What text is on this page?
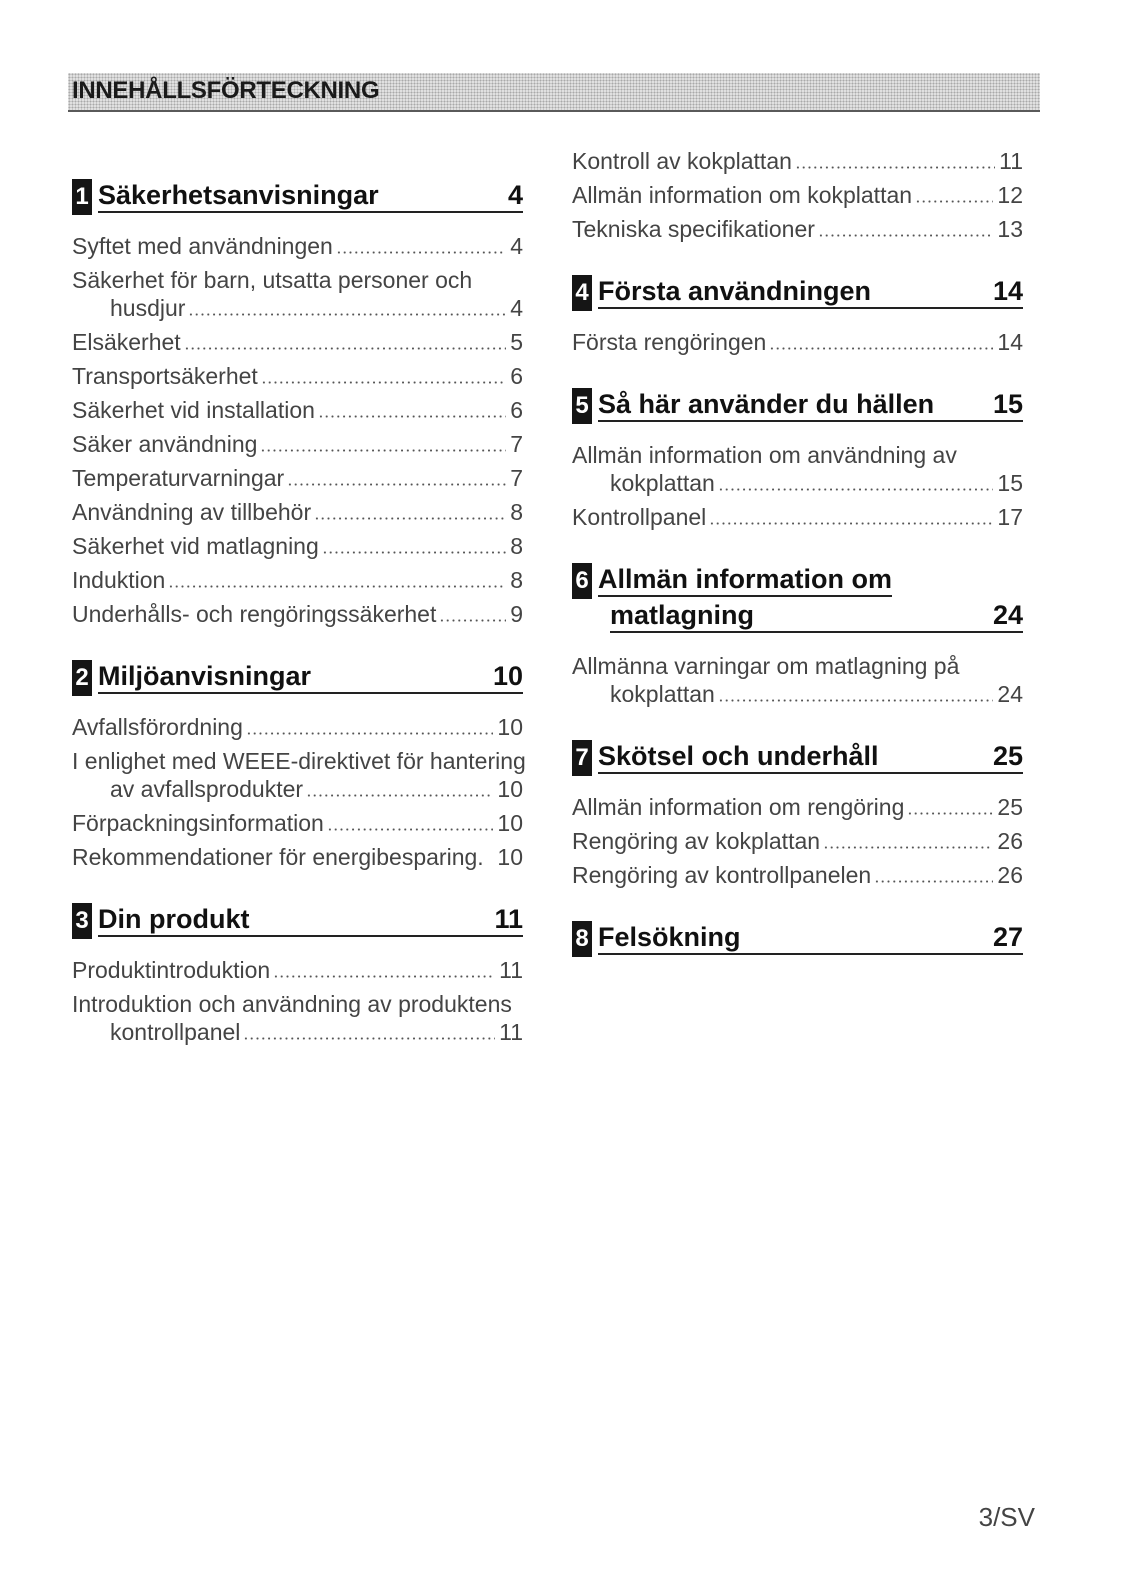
INNEHÅLLSFÖRTECKNING
1 Säkerhetsanvisningar	4
Syftet med användningen	4
Säkerhet för barn, utsatta personer och
husdjur	4
Elsäkerhet	5
Transportsäkerhet	6
Säkerhet vid installation	6
Säker användning	7
Temperaturvarningar	7
Användning av tillbehör	8
Säkerhet vid matlagning	8
Induktion	8
Underhålls- och rengöringssäkerhet	9
2 Miljöanvisningar	10
Avfallsförordning	10
I enlighet med WEEE-direktivet för hantering
av avfallsprodukter	10
Förpackningsinformation	10
Rekommendationer för energibesparing. 10
3 Din produkt	11
Produktintroduktion	11
Introduktion och användning av produktens
kontrollpanel	11
Kontroll av kokplattan	11
Allmän information om kokplattan	12
Tekniska specifikationer	13
4 Första användningen	14
Första rengöringen	14
5 Så här använder du hällen 15
Allmän information om användning av
kokplattan	15
Kontrollpanel	17
6 Allmän information om
matlagning	24
Allmänna varningar om matlagning på
kokplattan	24
7 Skötsel och underhåll	25
Allmän information om rengöring	25
Rengöring av kokplattan	26
Rengöring av kontrollpanelen	26
8 Felsökning	27
3/SV
